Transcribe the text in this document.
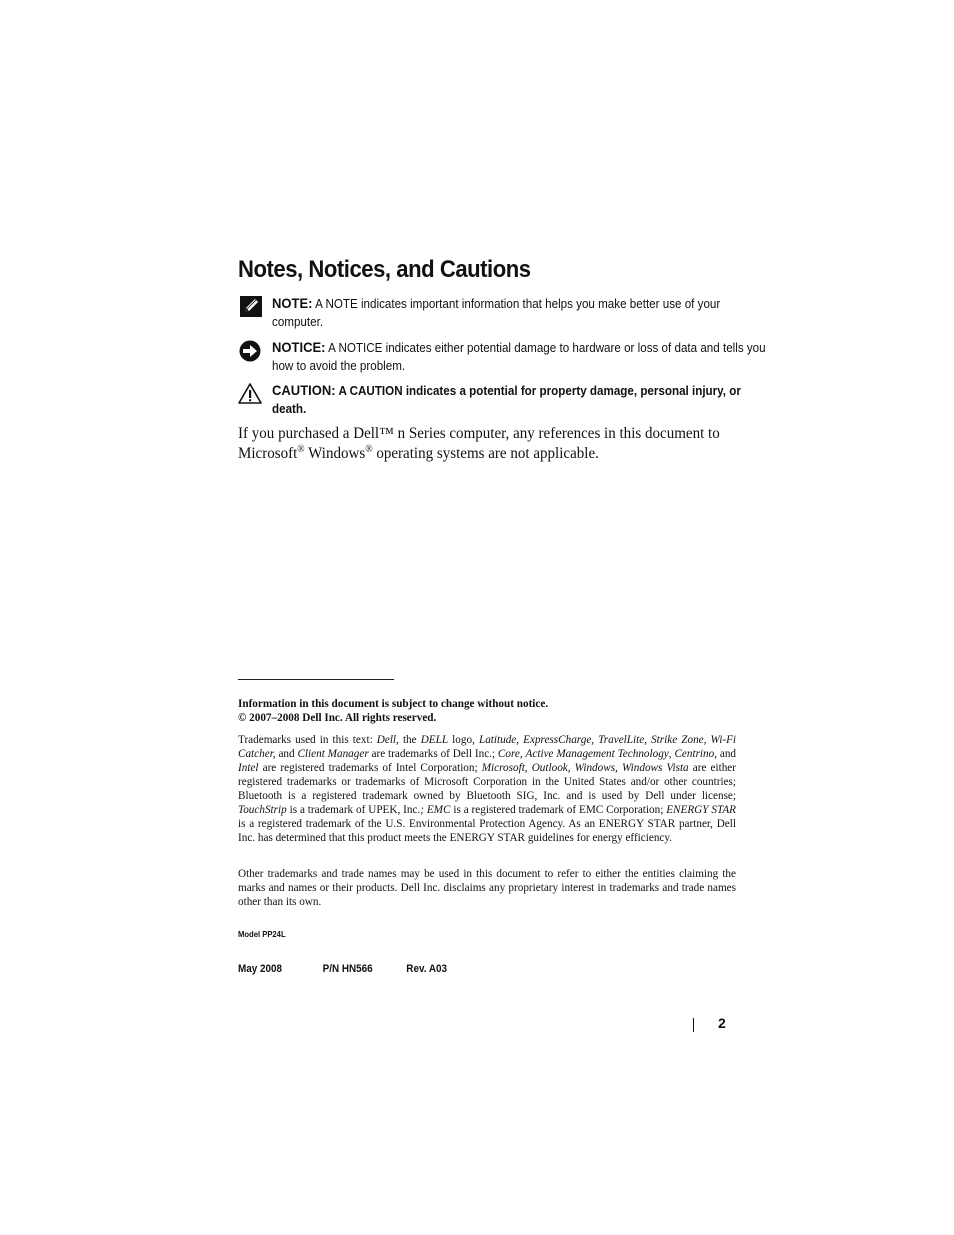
Notes, Notices, and Cautions
NOTE: A NOTE indicates important information that helps you make better use of your computer.
NOTICE: A NOTICE indicates either potential damage to hardware or loss of data and tells you how to avoid the problem.
CAUTION: A CAUTION indicates a potential for property damage, personal injury, or death.

If you purchased a Dell™ n Series computer, any references in this document to Microsoft® Windows® operating systems are not applicable.

Information in this document is subject to change without notice.
© 2007–2008 Dell Inc. All rights reserved.

Trademarks used in this text: Dell, the DELL logo, Latitude, ExpressCharge, TravelLite, Strike Zone, Wi-Fi Catcher, and Client Manager are trademarks of Dell Inc.; Core, Active Management Technology, Centrino, and Intel are registered trademarks of Intel Corporation; Microsoft, Outlook, Windows, Windows Vista are either registered trademarks or trademarks of Microsoft Corporation in the United States and/or other countries; Bluetooth is a registered trademark owned by Bluetooth SIG, Inc. and is used by Dell under license; TouchStrip is a trademark of UPEK, Inc.; EMC is a registered trademark of EMC Corporation; ENERGY STAR is a registered trademark of the U.S. Environmental Protection Agency. As an ENERGY STAR partner, Dell Inc. has determined that this product meets the ENERGY STAR guidelines for energy efficiency.

Other trademarks and trade names may be used in this document to refer to either the entities claiming the marks and names or their products. Dell Inc. disclaims any proprietary interest in trademarks and trade names other than its own.

Model PP24L
May 2008	P/N HN566	Rev. A03
2
